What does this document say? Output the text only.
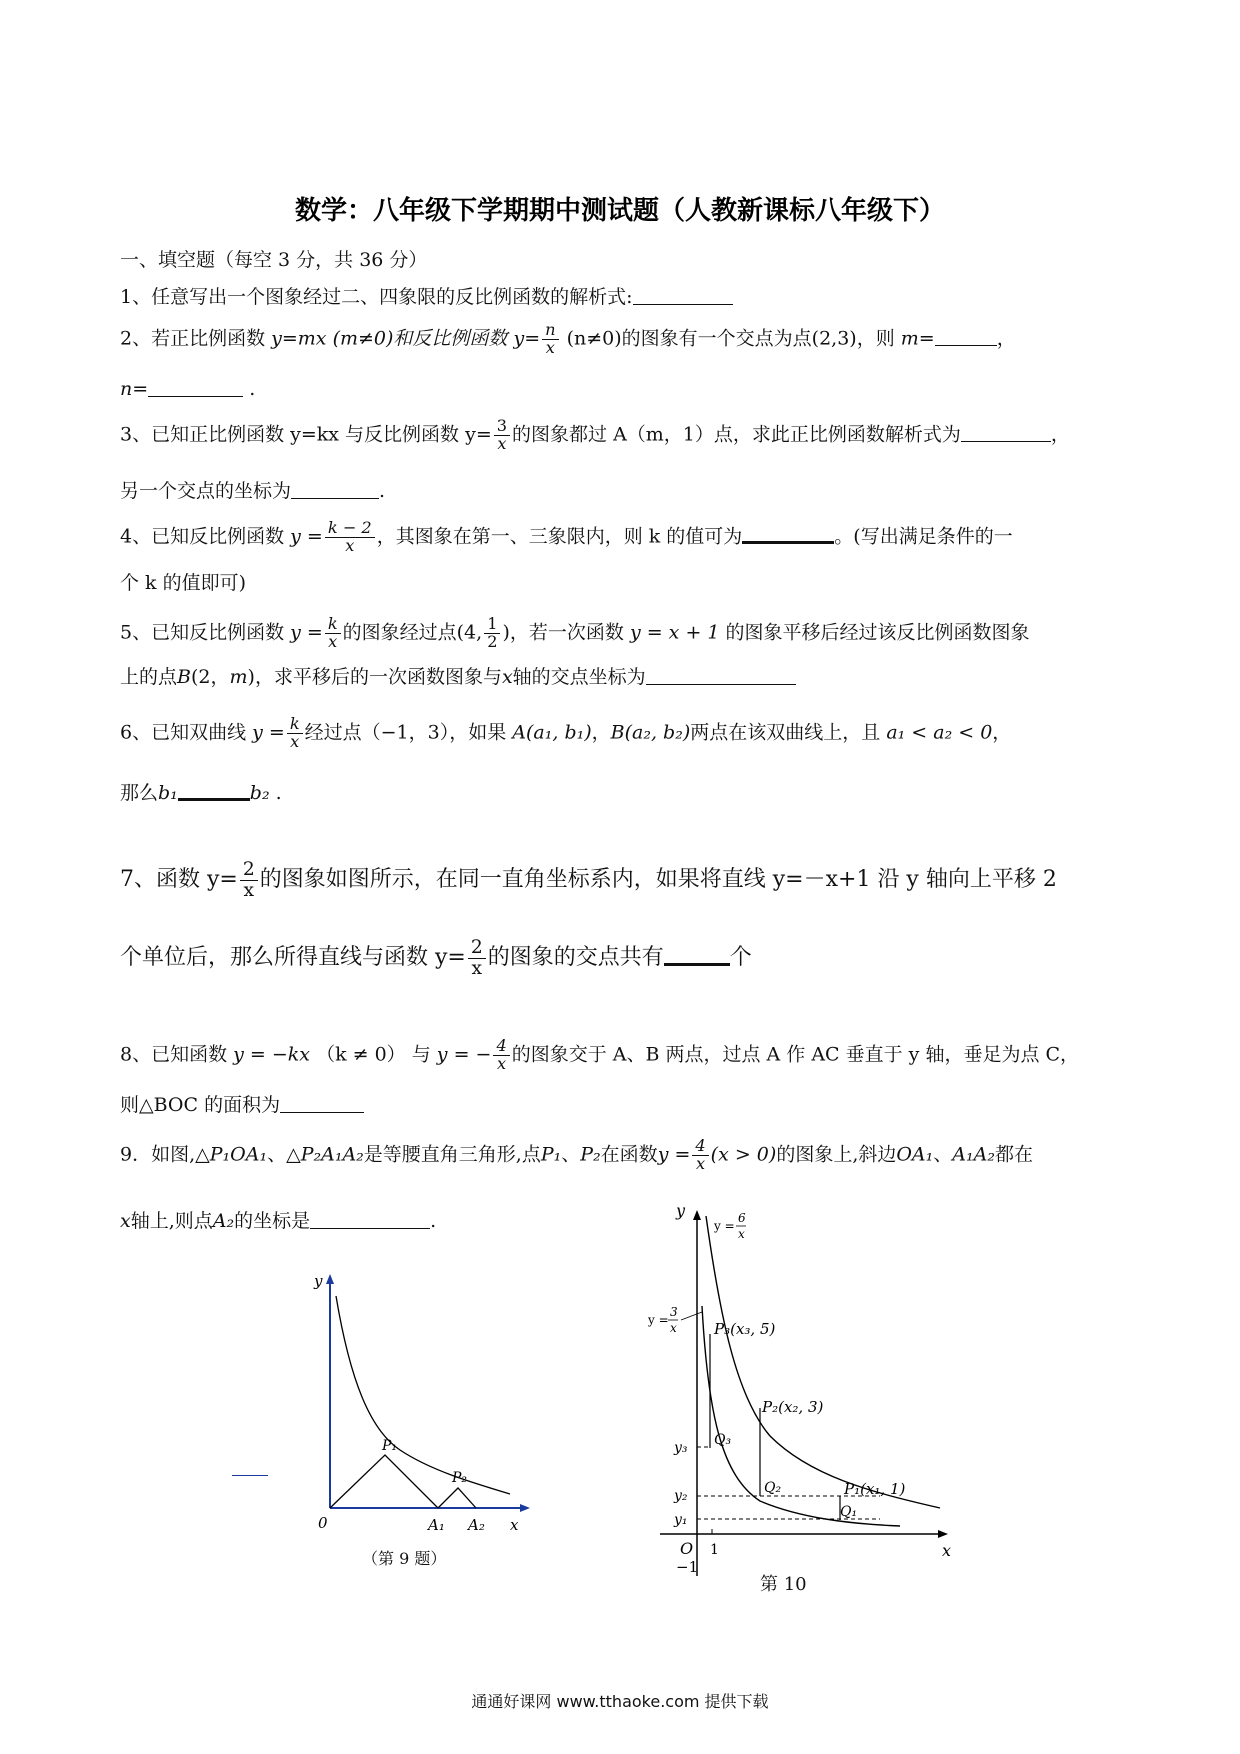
数学：八年级下学期期中测试题（人教新课标八年级下）
一、填空题（每空 3 分，共 36 分）
1、任意写出一个图象经过二、四象限的反比例函数的解析式:
2、若正比例函数 y=mx (m≠0)和反比例函数 $y= \frac{n}{x} (n\ne 0)$的图象有一个交点为点(2,3)，则 m=	，
n=	.
3、已知正比例函数 y=kx 与反比例函数 $y= \frac{3}{x}$ 的图象都过 A（m，1）点，求此正比例函数解析式为	，
另一个交点的坐标为	.
4、已知反比例函数 $y = \frac{k - 2}{x}$ ，其图象在第一、三象限内，则 k 的值可为	。(写出满足条件的一
个 k 的值即可)
5、已知反比例函数 $y = \frac{k}{x}$ 的图象经过点(4, $\frac{1}{2}$ )，若一次函数 y = x + 1 的图象平移后经过该反比例函数图象
上的点B(2，m)，求平移后的一次函数图象与x轴的交点坐标为
6、已知双曲线 $y = \frac{k}{x}$ 经过点（−1，3），如果 A(a₁, b₁)，B(a₂, b₂)两点在该双曲线上，且 a₁ < a₂ < 0，
那么b₁	b₂ .
7、函数 $y= \frac{2}{x}$ 的图象如图所示，在同一直角坐标系内，如果将直线 y=－x+1 沿 y 轴向上平移 2
个单位后，那么所得直线与函数 $y= \frac{2}{x}$ 的图象的交点共有	个
8、已知函数 y = −kx （k ≠ 0） 与 y = − $\frac{4}{x}$ 的图象交于 A、B 两点，过点 A 作 AC 垂直于 y 轴，垂足为点 C，
则△BOC 的面积为
9．如图,△P₁OA₁、△P₂A₁A₂是等腰直角三角形,点P₁、P₂在函数$y = \frac{4}{x} (x > 0)$的图象上,斜边OA₁、A₁A₂都在
x轴上,则点A₂的坐标是	.
y
0
P₁
P₂
A₁ A₂ x
（第 9 题）
y
x
O 1
−1
y =
6
x
y =
3
x P₃(x₃, 5)
P₂(x₂, 3)
P₁(x₁, 1)
Q₃
Q₂
Q₁
y₃
y₂
y₁
第 10
通通好课网 www.tthaoke.com 提供下载
